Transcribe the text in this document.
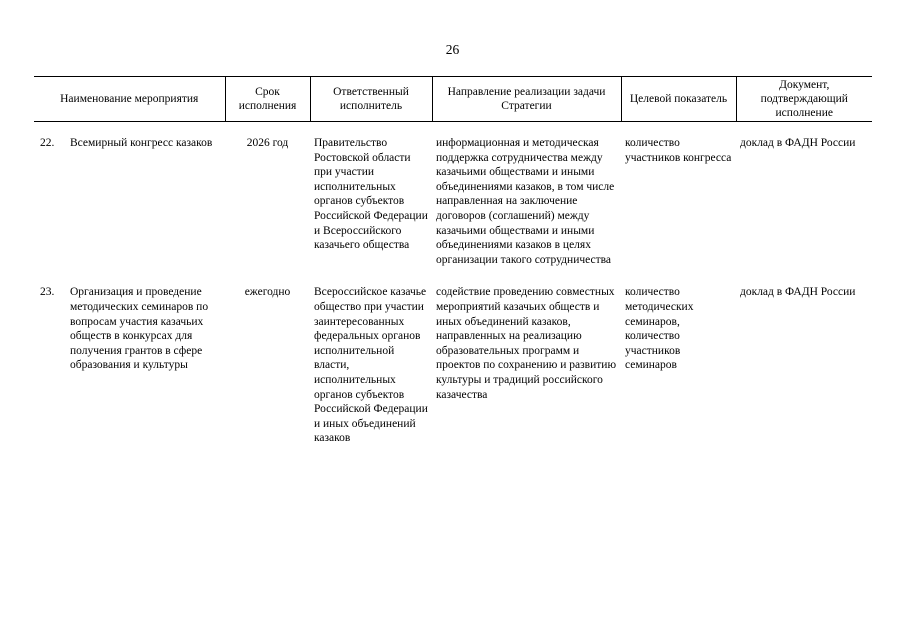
26
Наименование мероприятия	Срок исполнения	Ответственный исполнитель	Направление реализации задачи Стратегии	Целевой показатель	Документ, подтверждающий исполнение

22. Всемирный конгресс казаков	2026 год	Правительство Ростовской области при участии исполнительных органов субъектов Российской Федерации и Всероссийского казачьего общества	информационная и методическая поддержка сотрудничества между казачьими обществами и иными объединениями казаков, в том числе направленная на заключение договоров (соглашений) между казачьими обществами и иными объединениями казаков в целях организации такого сотрудничества	количество участников конгресса	доклад в ФАДН России

23. Организация и проведение методических семинаров по вопросам участия казачьих обществ в конкурсах для получения грантов в сфере образования и культуры	ежегодно	Всероссийское казачье общество при участии заинтересованных федеральных органов исполнительной власти, исполнительных органов субъектов Российской Федерации и иных объединений казаков	содействие проведению совместных мероприятий казачьих обществ и иных объединений казаков, направленных на реализацию образовательных программ и проектов по сохранению и развитию культуры и традиций российского казачества	количество методических семинаров, количество участников семинаров	доклад в ФАДН России
